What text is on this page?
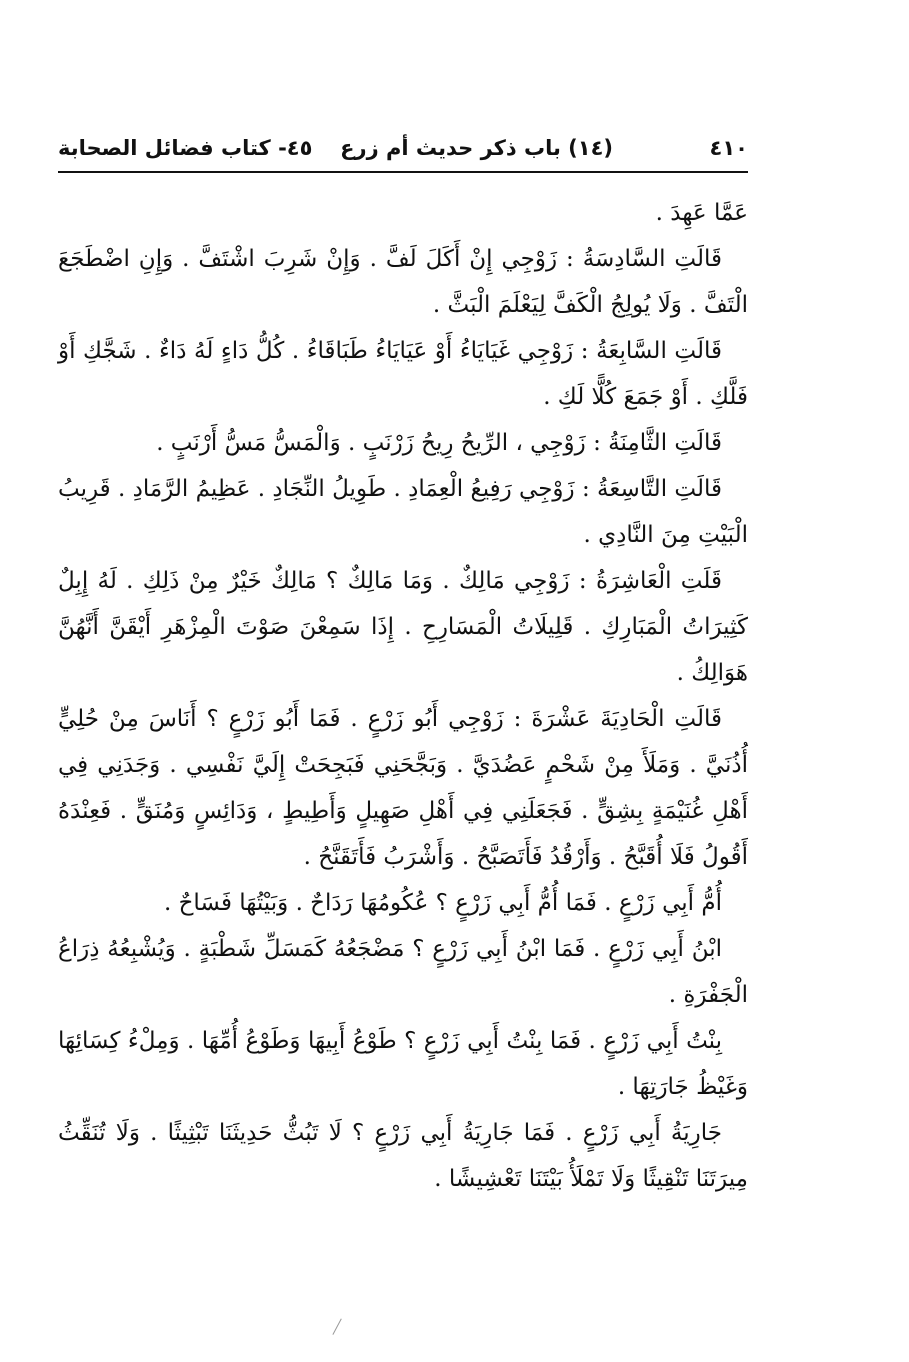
٤١٠
(١٤) باب ذكر حديث أم زرع
٤٥- كتاب فضائل الصحابة

عَمَّا عَهِدَ .

قَالَتِ السَّادِسَةُ : زَوْجِي إِنْ أَكَلَ لَفَّ . وَإِنْ شَرِبَ اشْتَفَّ . وَإِنِ اضْطَجَعَ الْتَفَّ . وَلَا يُولِجُ الْكَفَّ لِيَعْلَمَ الْبَثَّ .

قَالَتِ السَّابِعَةُ : زَوْجِي غَيَايَاءُ أَوْ عَيَايَاءُ طَبَاقَاءُ . كُلُّ دَاءٍ لَهُ دَاءٌ . شَجَّكِ أَوْ فَلَّكِ . أَوْ جَمَعَ كُلًّا لَكِ .

قَالَتِ الثَّامِنَةُ : زَوْجِي ، الرِّيحُ رِيحُ زَرْنَبٍ . وَالْمَسُّ مَسُّ أَرْنَبٍ .

قَالَتِ التَّاسِعَةُ : زَوْجِي رَفِيعُ الْعِمَادِ . طَوِيلُ النِّجَادِ . عَظِيمُ الرَّمَادِ . قَرِيبُ الْبَيْتِ مِنَ النَّادِي .

قَلَتِ الْعَاشِرَةُ : زَوْجِي مَالِكٌ . وَمَا مَالِكٌ ؟ مَالِكٌ خَيْرٌ مِنْ ذَلِكِ . لَهُ إِبِلٌ كَثِيرَاتُ الْمَبَارِكِ . قَلِيلَاتُ الْمَسَارِحِ . إِذَا سَمِعْنَ صَوْتَ الْمِزْهَرِ أَيْقَنَّ أَنَّهُنَّ هَوَالِكُ .

قَالَتِ الْحَادِيَةَ عَشْرَةَ : زَوْجِي أَبُو زَرْعٍ . فَمَا أَبُو زَرْعٍ ؟ أَنَاسَ مِنْ حُلِيٍّ أُذُنَيَّ . وَمَلَأَ مِنْ شَحْمٍ عَضُدَيَّ . وَبَجَّحَنِي فَبَجِحَتْ إِلَيَّ نَفْسِي . وَجَدَنِي فِي أَهْلِ غُنَيْمَةٍ بِشِقٍّ . فَجَعَلَنِي فِي أَهْلِ صَهِيلٍ وَأَطِيطٍ ، وَدَائِسٍ وَمُنَقٍّ . فَعِنْدَهُ أَقُولُ فَلَا أُقَبَّحُ . وَأَرْقُدُ فَأَتَصَبَّحُ . وَأَشْرَبُ فَأَتَقَنَّحُ .

أُمُّ أَبِي زَرْعٍ . فَمَا أُمُّ أَبِي زَرْعٍ ؟ عُكُومُهَا رَدَاحٌ . وَبَيْتُهَا فَسَاحٌ .

ابْنُ أَبِي زَرْعٍ . فَمَا ابْنُ أَبِي زَرْعٍ ؟ مَضْجَعُهُ كَمَسَلِّ شَطْبَةٍ . وَيُشْبِعُهُ ذِرَاعُ الْجَفْرَةِ .

بِنْتُ أَبِي زَرْعٍ . فَمَا بِنْتُ أَبِي زَرْعٍ ؟ طَوْعُ أَبِيهَا وَطَوْعُ أُمِّهَا . وَمِلْءُ كِسَائِهَا وَغَيْظُ جَارَتِهَا .

جَارِيَةُ أَبِي زَرْعٍ . فَمَا جَارِيَةُ أَبِي زَرْعٍ ؟ لَا تَبُثُّ حَدِيثَنَا تَبْثِيثًا . وَلَا تُنَقِّثُ مِيرَتَنَا تَنْقِيثًا وَلَا تَمْلَأُ بَيْتَنَا تَعْشِيشًا .
